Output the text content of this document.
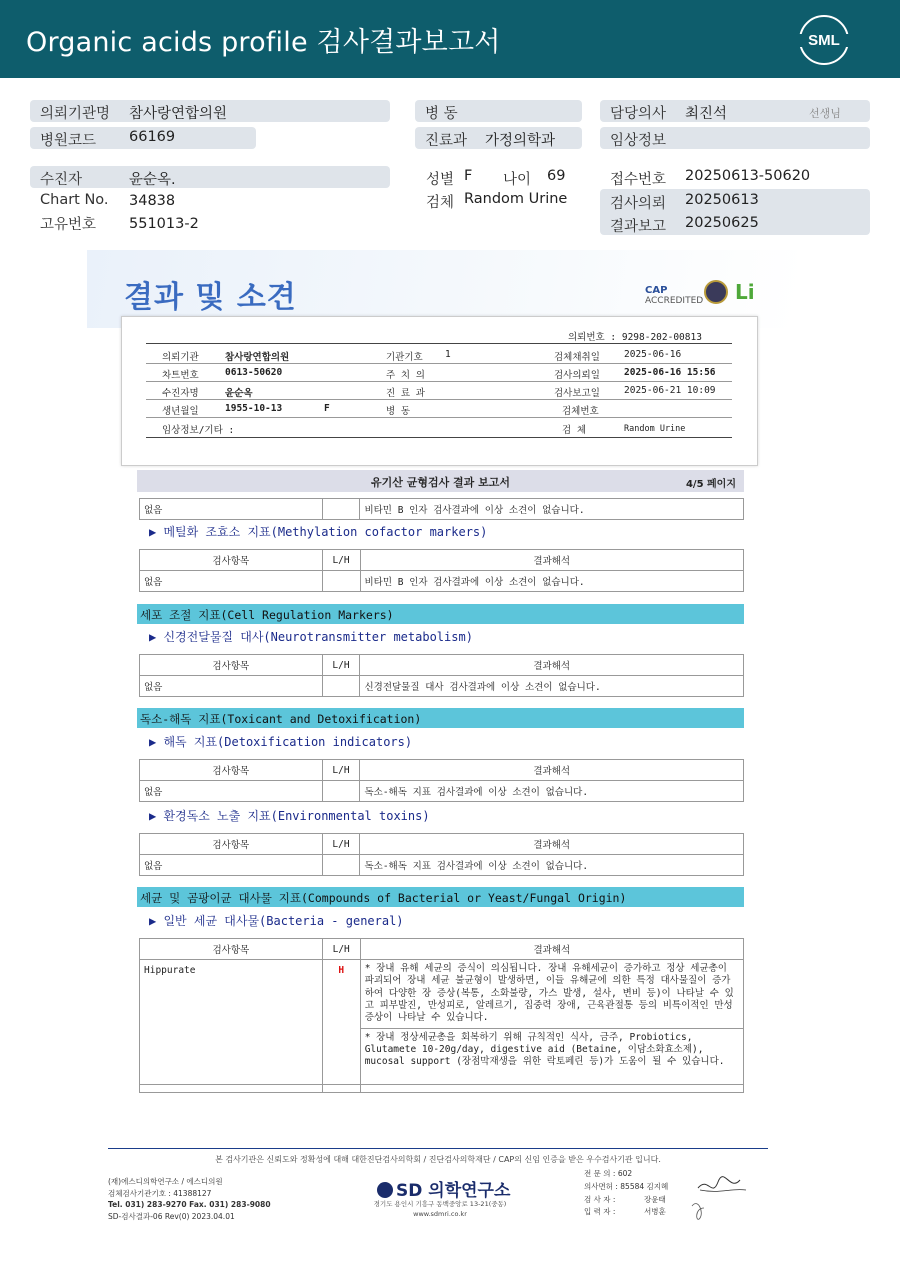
Organic acids profile 검사결과보고서	SML
의뢰기관명 참사랑연합의원
병원코드 66169
병 동
진료과 가정의학과
담당의사 최진석	선생님
임상정보
수진자	윤순옥.
Chart No. 34838
고유번호 551013-2
성별 F 나이 69
검체 Random Urine
접수번호 20250613-50620
검사의뢰 20250613
결과보고 20250625
결과 및 소견	CAP
ACCREDITED Li
의뢰번호 : 9298-202-00813
의뢰기관	참사랑연합의원	기관기호 1	검체채취일	2025-06-16
차트번호	0613-50620	주 치 의	검사의뢰일	2025-06-16 15:56
수진자명	윤순옥	진 료 과	검사보고일	2025-06-21 10:09
생년월일	1955-10-13	F	병 동	검체번호
임상정보/기타 :	검 체	Random Urine
유기산 균형검사 결과 보고서	4/5 페이지
없음		비타민 B 인자 검사결과에 이상 소견이 없습니다.
▶ 메틸화 조효소 지표(Methylation cofactor markers)
검사항목	L/H	결과해석
없음		비타민 B 인자 검사결과에 이상 소견이 없습니다.
세포 조절 지표(Cell Regulation Markers)
▶ 신경전달물질 대사(Neurotransmitter metabolism)
검사항목	L/H	결과해석
없음		신경전달물질 대사 검사결과에 이상 소견이 없습니다.
독소-해독 지표(Toxicant and Detoxification)
▶ 해독 지표(Detoxification indicators)
검사항목	L/H	결과해석
없음		독소-해독 지표 검사결과에 이상 소견이 없습니다.
▶ 환경독소 노출 지표(Environmental toxins)
검사항목	L/H	결과해석
없음		독소-해독 지표 검사결과에 이상 소견이 없습니다.
세균 및 곰팡이균 대사물 지표(Compounds of Bacterial or Yeast/Fungal Origin)
▶ 일반 세균 대사물(Bacteria - general)
검사항목	L/H	결과해석
Hippurate	H	* 장내 유해 세균의 증식이 의심됩니다. 장내 유해세균이 증가하고 정상 세균총이 파괴되어 장내 세균 불균형이 발생하면, 이들 유해균에 의한 특정 대사물질이 증가하여 다양한 장 증상(복통, 소화불량, 가스 발생, 설사, 변비 등)이 나타날 수 있고 피부발진, 만성피로, 알레르기, 집중력 장애, 근육관절통 등의 비특이적인 만성증상이 나타날 수 있습니다.
		* 장내 정상세균총을 회복하기 위해 규칙적인 식사, 금주, Probiotics, Glutamete 10-20g/day, digestive aid (Betaine, 이담소화효소제), mucosal support (장점막재생을 위한 락토페린 등)가 도움이 될 수 있습니다.

본 검사기관은 신뢰도와 정확성에 대해 대한진단검사의학회 / 진단검사의학재단 / CAP의 신임 인증을 받은 우수검사기관 입니다.
(재)에스디의학연구소 / 에스디의원
검체검사기관기호 : 41388127
Tel. 031) 283-9270 Fax. 031) 283-9080
SD-검사결과-06 Rev(0) 2023.04.01
SD 의학연구소
경기도 용인시 기흥구 동백중앙로 13-21(중동)
www.sdmri.co.kr
전 문 의 : 602
의사면허 : 85584 김지혜
검 사 자 :	장윤태
입 력 자 :	서병훈
